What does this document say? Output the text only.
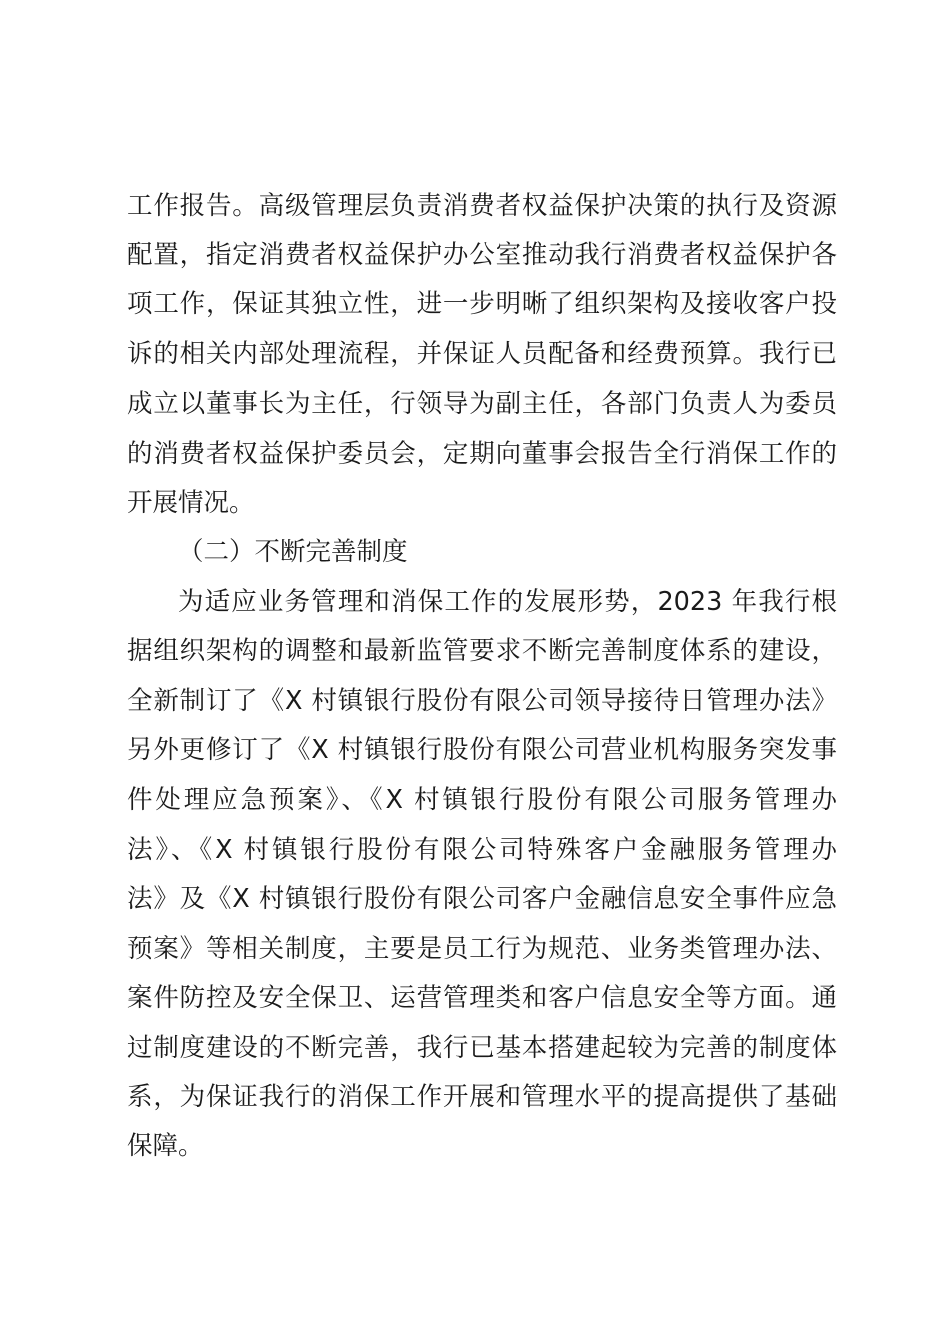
工作报告。高级管理层负责消费者权益保护决策的执行及资源
配置，指定消费者权益保护办公室推动我行消费者权益保护各
项工作，保证其独立性，进一步明晰了组织架构及接收客户投
诉的相关内部处理流程，并保证人员配备和经费预算。我行已
成立以董事长为主任，行领导为副主任，各部门负责人为委员
的消费者权益保护委员会，定期向董事会报告全行消保工作的
开展情况。
（二）不断完善制度
为适应业务管理和消保工作的发展形势，2023 年我行根
据组织架构的调整和最新监管要求不断完善制度体系的建设，
全新制订了《X 村镇银行股份有限公司领导接待日管理办法》
另外更修订了《X 村镇银行股份有限公司营业机构服务突发事
件处理应急预案》、《X 村镇银行股份有限公司服务管理办
法》、《X 村镇银行股份有限公司特殊客户金融服务管理办
法》及《X 村镇银行股份有限公司客户金融信息安全事件应急
预案》等相关制度，主要是员工行为规范、业务类管理办法、
案件防控及安全保卫、运营管理类和客户信息安全等方面。通
过制度建设的不断完善，我行已基本搭建起较为完善的制度体
系，为保证我行的消保工作开展和管理水平的提高提供了基础
保障。
